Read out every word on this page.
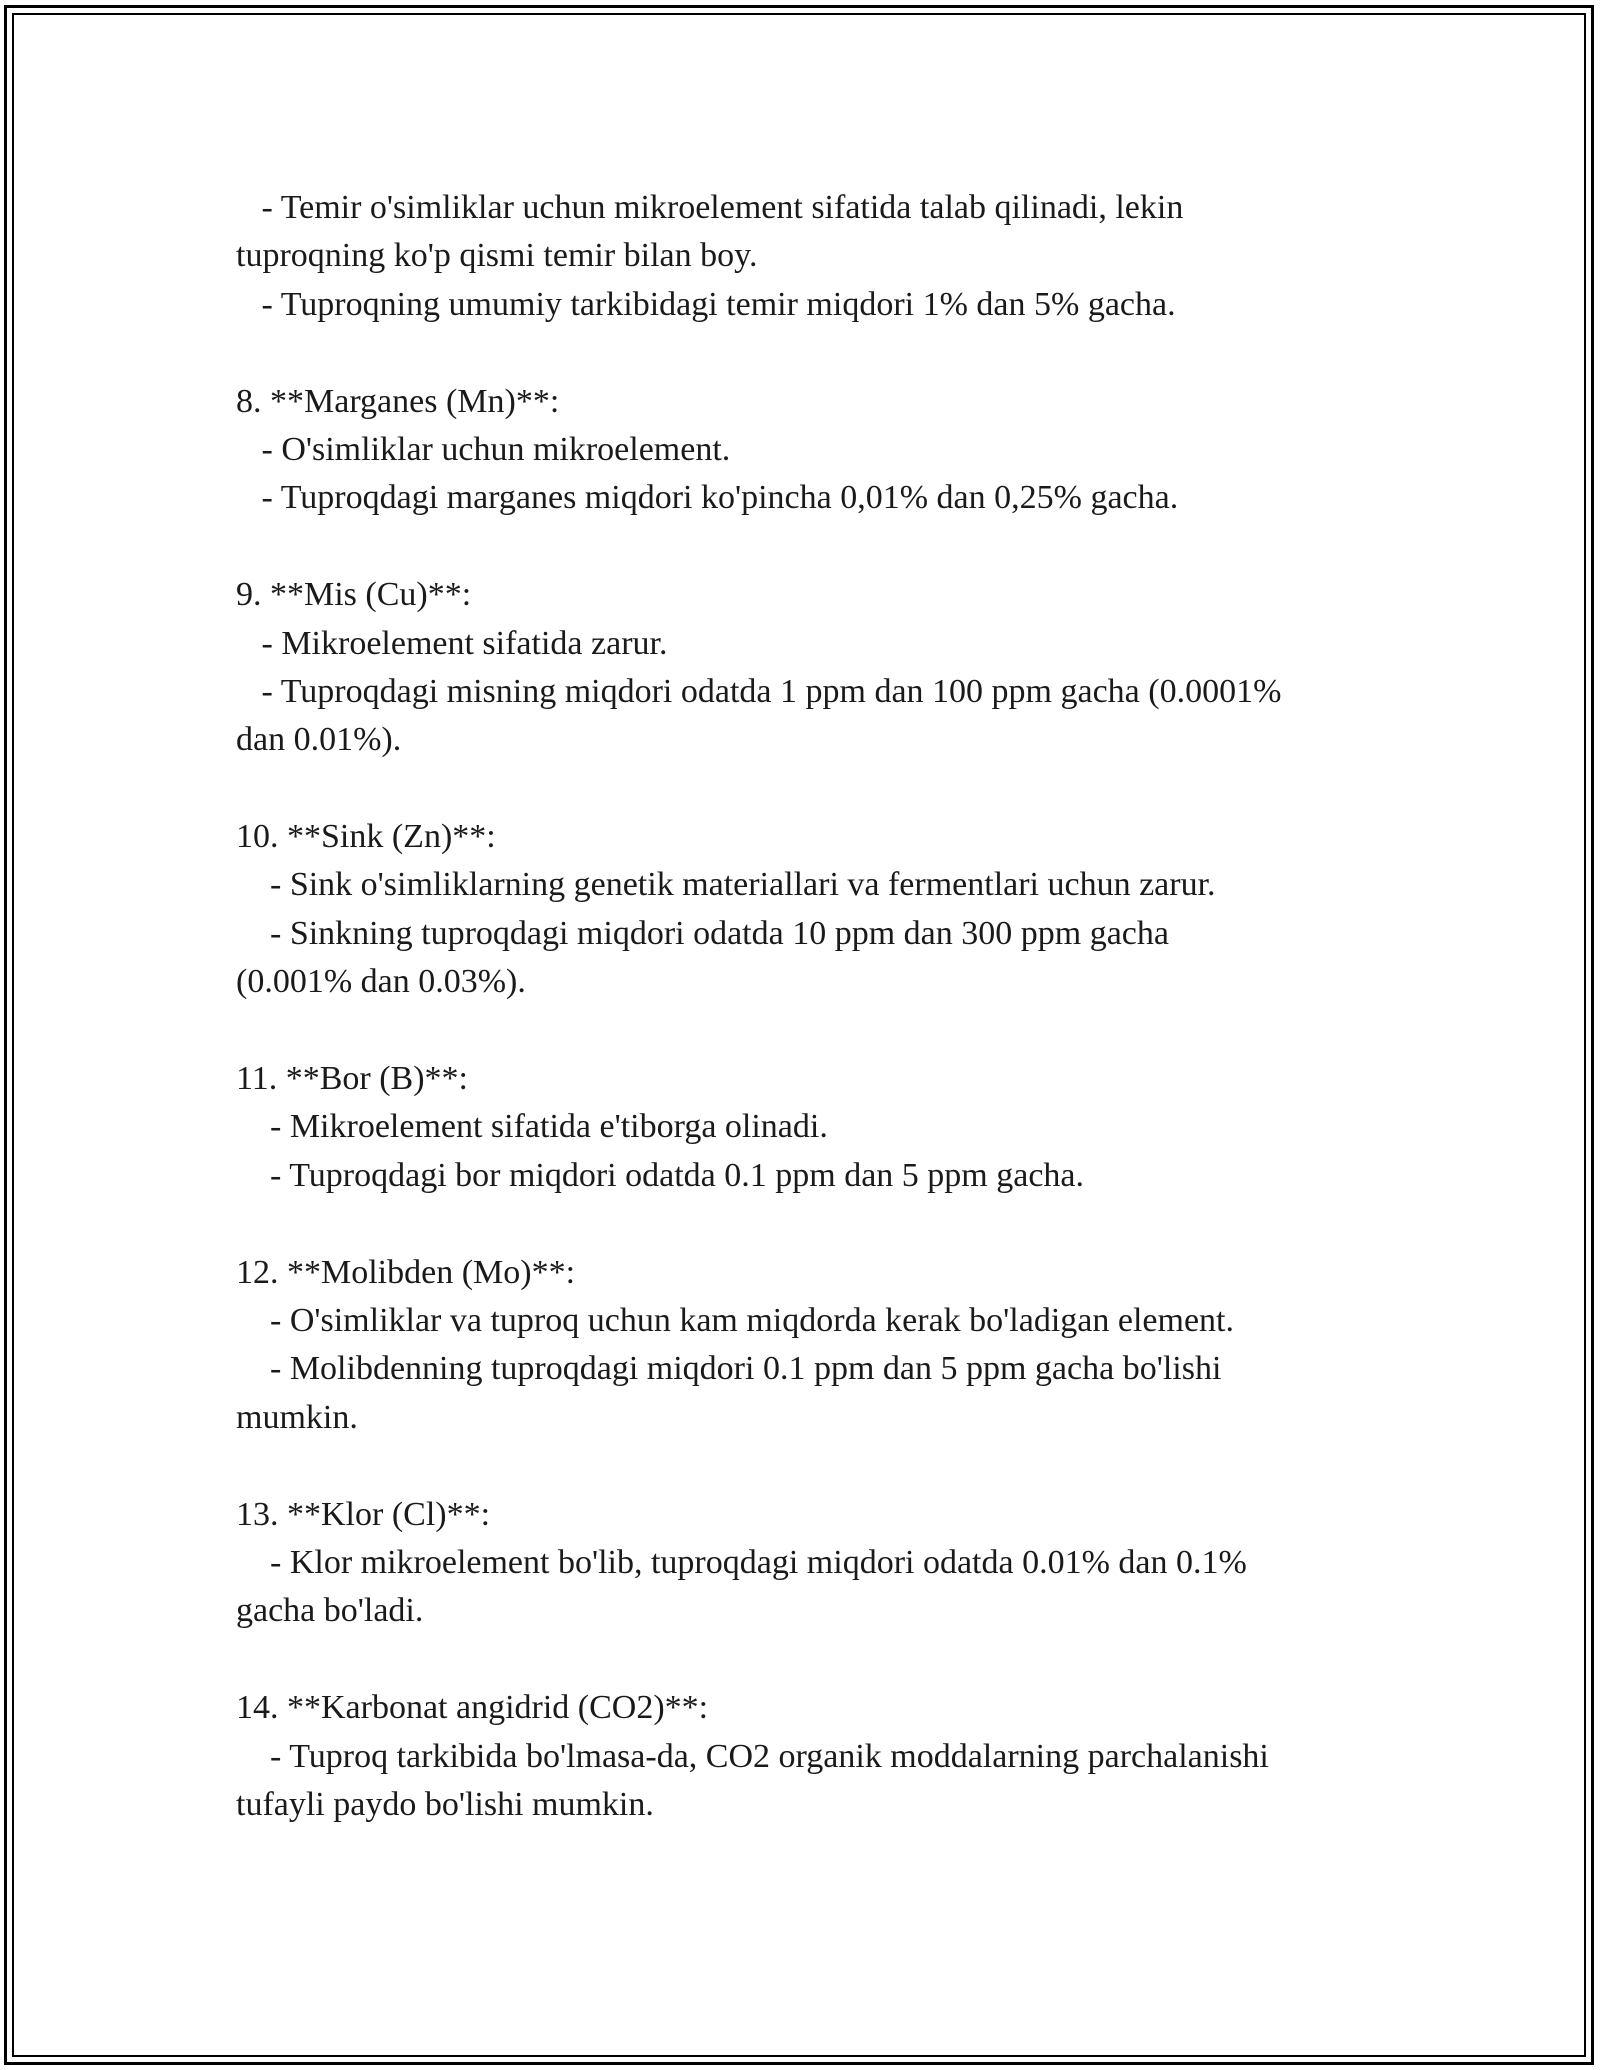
- Temir o'simliklar uchun mikroelement sifatida talab qilinadi, lekin
tuproqning ko'p qismi temir bilan boy.
- Tuproqning umumiy tarkibidagi temir miqdori 1% dan 5% gacha.
8. **Marganes (Mn)**:
- O'simliklar uchun mikroelement.
- Tuproqdagi marganes miqdori ko'pincha 0,01% dan 0,25% gacha.
9. **Mis (Cu)**:
- Mikroelement sifatida zarur.
- Tuproqdagi misning miqdori odatda 1 ppm dan 100 ppm gacha (0.0001%
dan 0.01%).
10. **Sink (Zn)**:
- Sink o'simliklarning genetik materiallari va fermentlari uchun zarur.
- Sinkning tuproqdagi miqdori odatda 10 ppm dan 300 ppm gacha
(0.001% dan 0.03%).
11. **Bor (B)**:
- Mikroelement sifatida e'tiborga olinadi.
- Tuproqdagi bor miqdori odatda 0.1 ppm dan 5 ppm gacha.
12. **Molibden (Mo)**:
- O'simliklar va tuproq uchun kam miqdorda kerak bo'ladigan element.
- Molibdenning tuproqdagi miqdori 0.1 ppm dan 5 ppm gacha bo'lishi
mumkin.
13. **Klor (Cl)**:
- Klor mikroelement bo'lib, tuproqdagi miqdori odatda 0.01% dan 0.1%
gacha bo'ladi.
14. **Karbonat angidrid (CO2)**:
- Tuproq tarkibida bo'lmasa-da, CO2 organik moddalarning parchalanishi
tufayli paydo bo'lishi mumkin.
